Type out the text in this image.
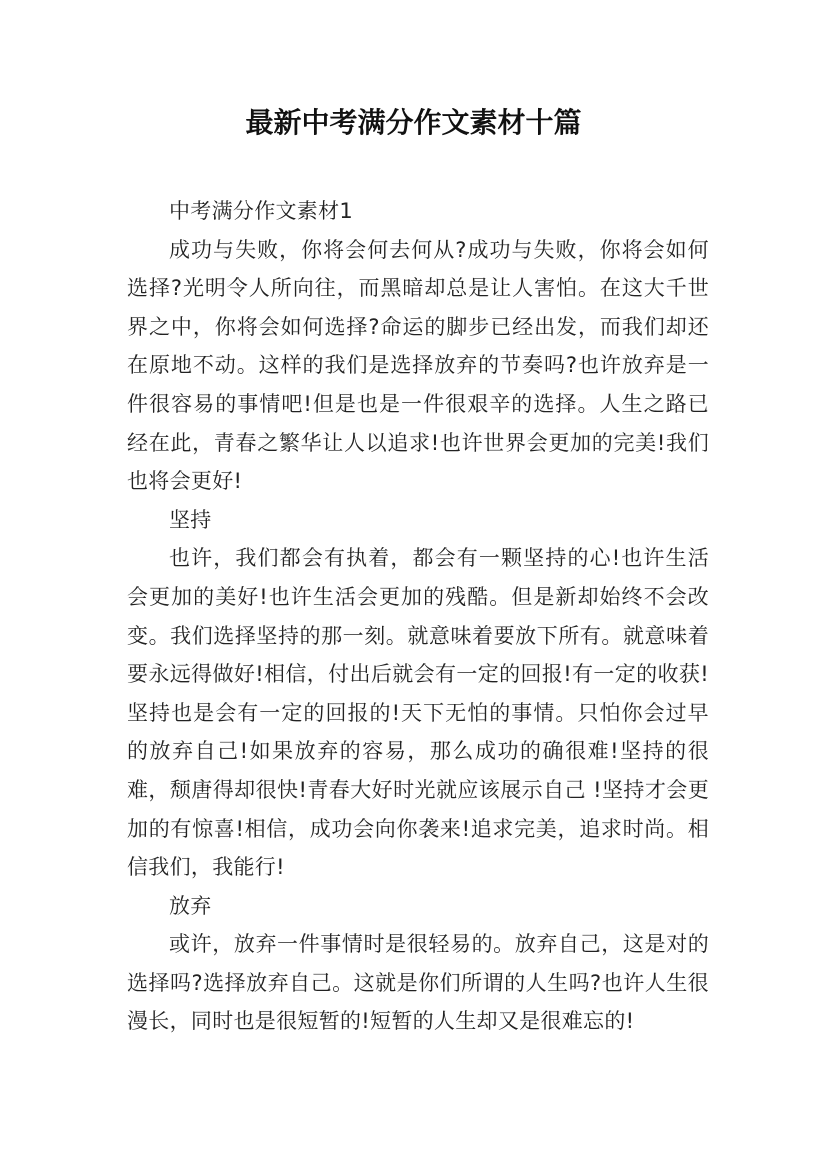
最新中考满分作文素材十篇

中考满分作文素材1

成功与失败，你将会何去何从?成功与失败，你将会如何选择?光明令人所向往，而黑暗却总是让人害怕。在这大千世界之中，你将会如何选择?命运的脚步已经出发，而我们却还在原地不动。这样的我们是选择放弃的节奏吗?也许放弃是一件很容易的事情吧!但是也是一件很艰辛的选择。人生之路已经在此，青春之繁华让人以追求!也许世界会更加的完美!我们也将会更好!

坚持

也许，我们都会有执着，都会有一颗坚持的心!也许生活会更加的美好!也许生活会更加的残酷。但是新却始终不会改变。我们选择坚持的那一刻。就意味着要放下所有。就意味着要永远得做好!相信，付出后就会有一定的回报!有一定的收获!坚持也是会有一定的回报的!天下无怕的事情。只怕你会过早的放弃自己!如果放弃的容易，那么成功的确很难!坚持的很难，颓唐得却很快!青春大好时光就应该展示自己 !坚持才会更加的有惊喜!相信，成功会向你袭来!追求完美，追求时尚。相信我们，我能行!

放弃

或许，放弃一件事情时是很轻易的。放弃自己，这是对的选择吗?选择放弃自己。这就是你们所谓的人生吗?也许人生很漫长，同时也是很短暂的!短暂的人生却又是很难忘的!
